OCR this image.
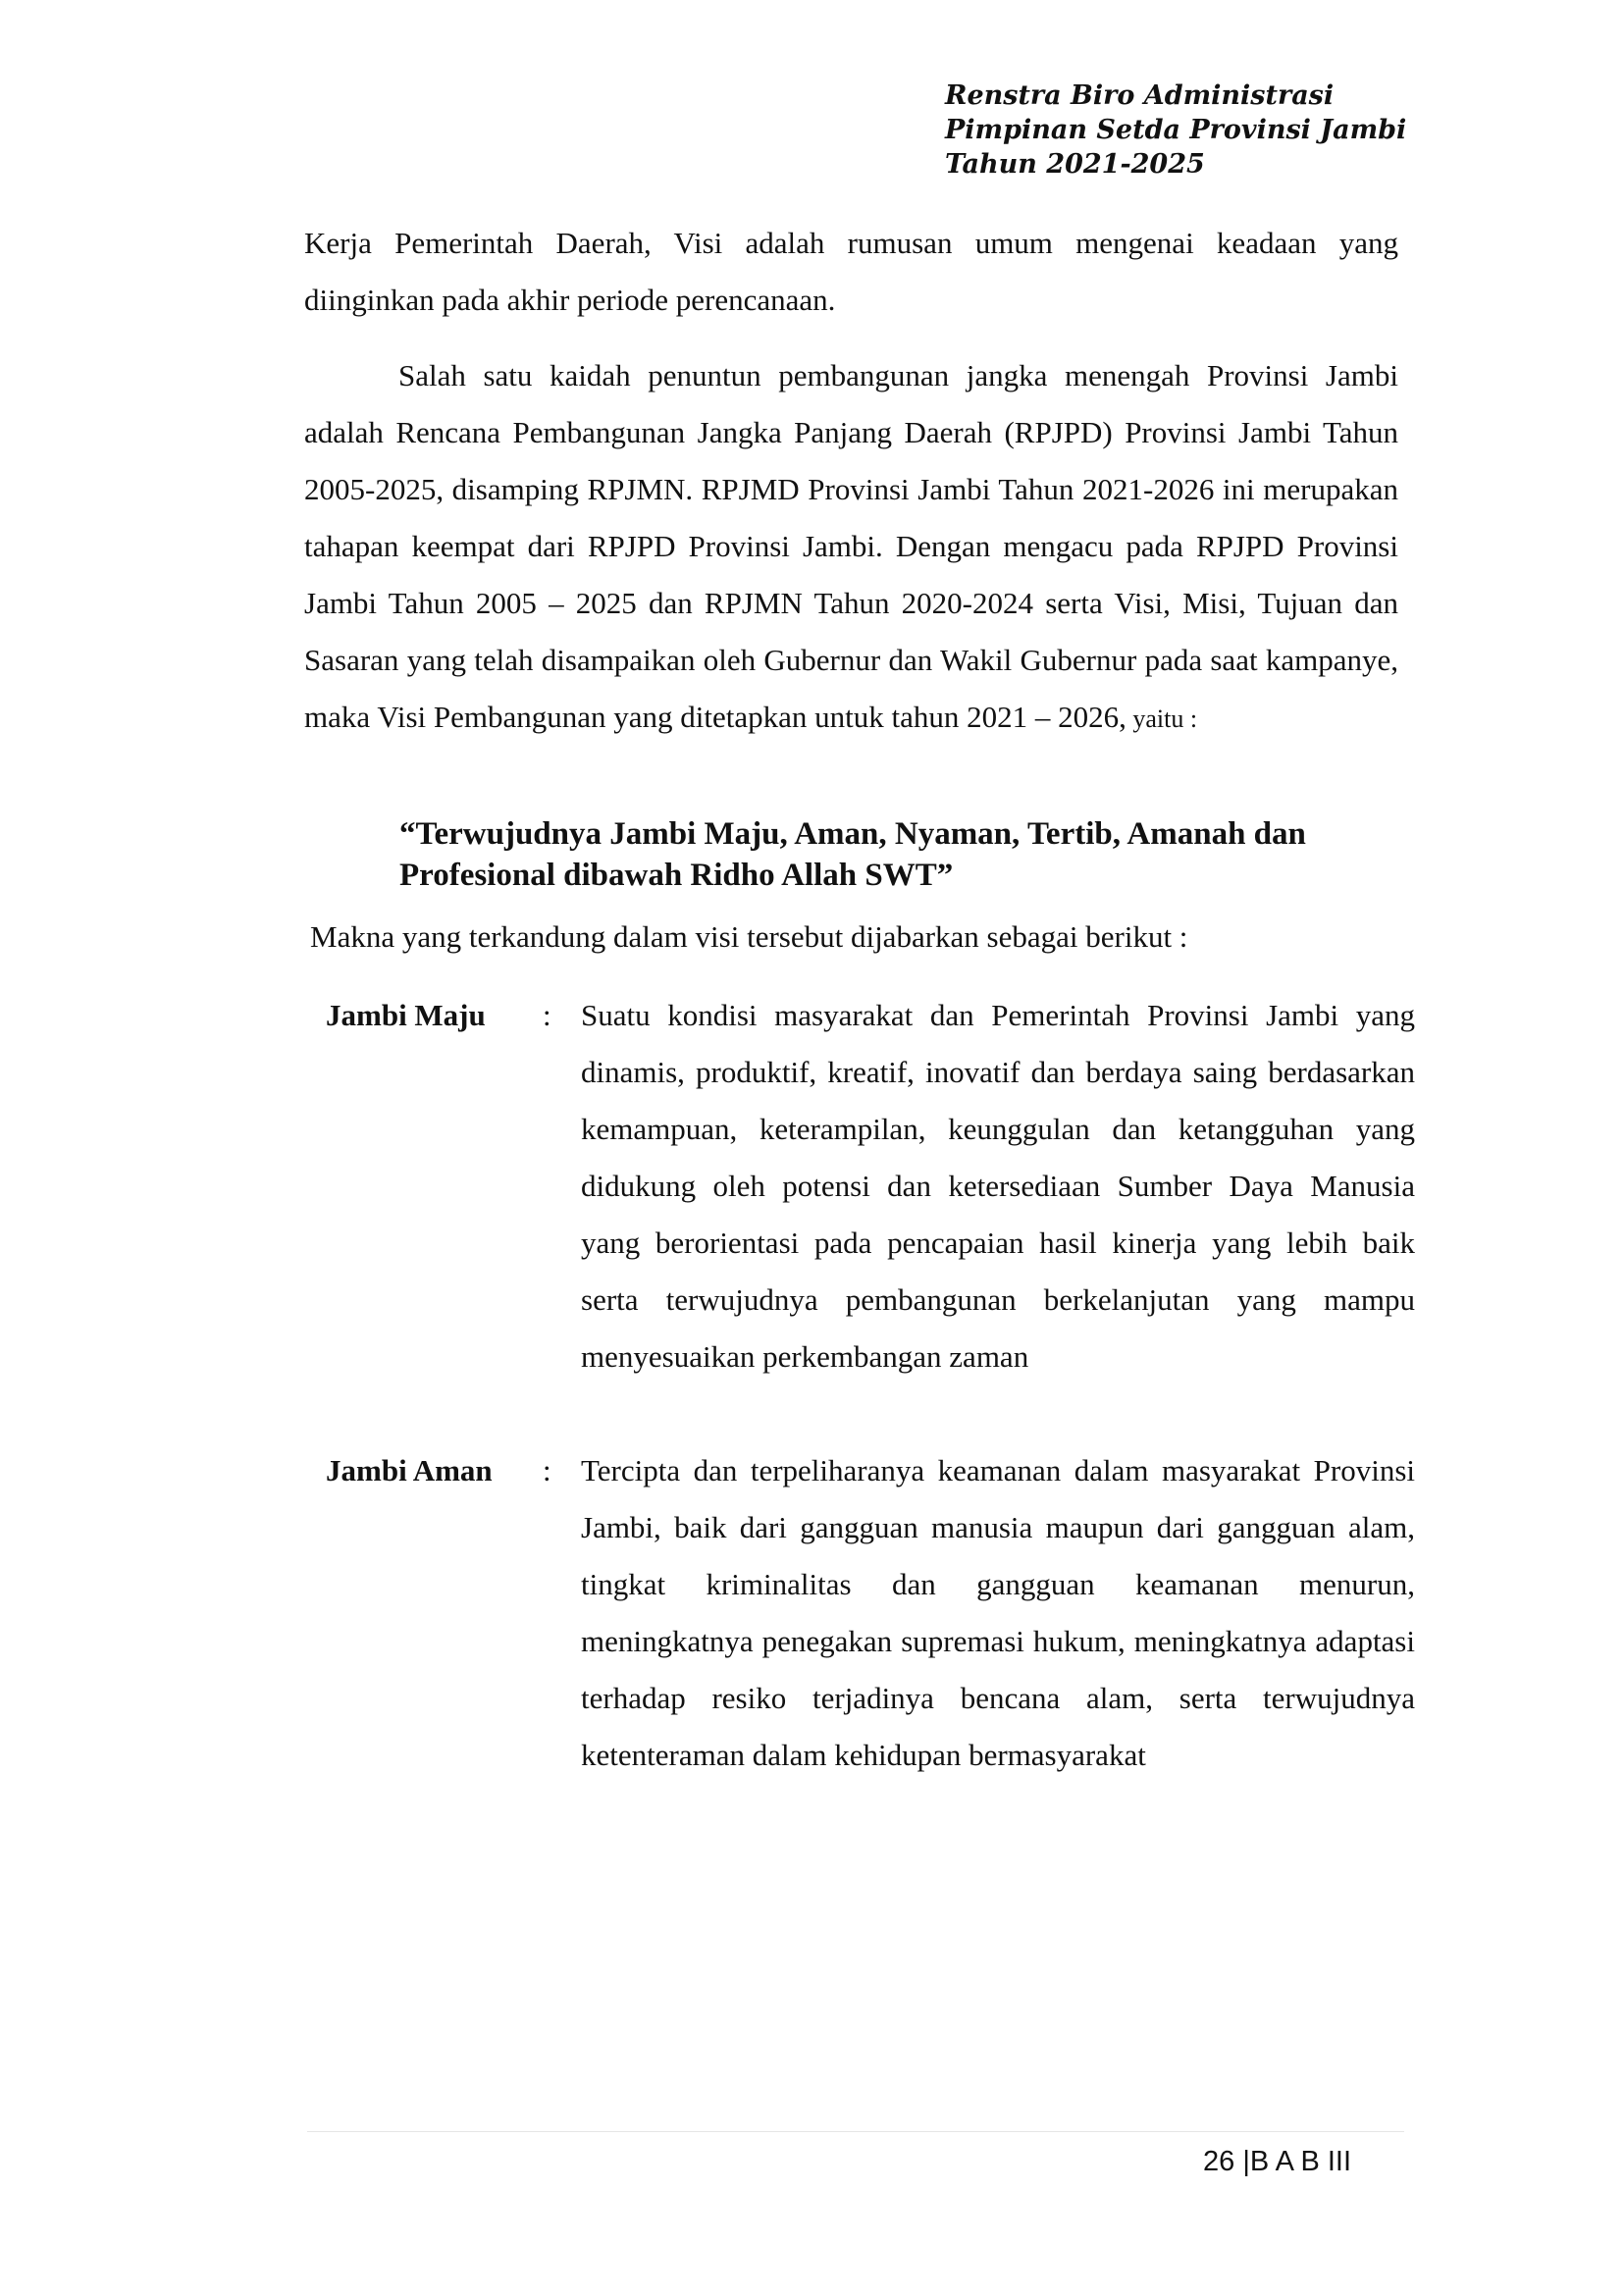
Renstra Biro Administrasi
Pimpinan Setda Provinsi Jambi
Tahun 2021-2025
Kerja Pemerintah Daerah, Visi adalah rumusan umum mengenai keadaan yang diinginkan pada akhir periode perencanaan.
Salah satu kaidah penuntun pembangunan jangka menengah Provinsi Jambi adalah Rencana Pembangunan Jangka Panjang Daerah (RPJPD) Provinsi Jambi Tahun 2005-2025, disamping RPJMN. RPJMD Provinsi Jambi Tahun 2021-2026 ini merupakan tahapan keempat dari RPJPD Provinsi Jambi. Dengan mengacu pada RPJPD Provinsi Jambi Tahun 2005 – 2025 dan RPJMN Tahun 2020-2024 serta Visi, Misi, Tujuan dan Sasaran yang telah disampaikan oleh Gubernur dan Wakil Gubernur pada saat kampanye, maka Visi Pembangunan yang ditetapkan untuk tahun 2021 – 2026, yaitu :
“Terwujudnya Jambi Maju, Aman, Nyaman, Tertib, Amanah dan
Profesional dibawah Ridho Allah SWT”
Makna yang terkandung dalam visi tersebut dijabarkan sebagai berikut :
Jambi Maju : Suatu kondisi masyarakat dan Pemerintah Provinsi Jambi yang dinamis, produktif, kreatif, inovatif dan berdaya saing berdasarkan kemampuan, keterampilan, keunggulan dan ketangguhan yang didukung oleh potensi dan ketersediaan Sumber Daya Manusia yang berorientasi pada pencapaian hasil kinerja yang lebih baik serta terwujudnya pembangunan berkelanjutan yang mampu menyesuaikan perkembangan zaman
Jambi Aman : Tercipta dan terpeliharanya keamanan dalam masyarakat Provinsi Jambi, baik dari gangguan manusia maupun dari gangguan alam, tingkat kriminalitas dan gangguan keamanan menurun, meningkatnya penegakan supremasi hukum, meningkatnya adaptasi terhadap resiko terjadinya bencana alam, serta terwujudnya ketenteraman dalam kehidupan bermasyarakat
26 |B A B III
